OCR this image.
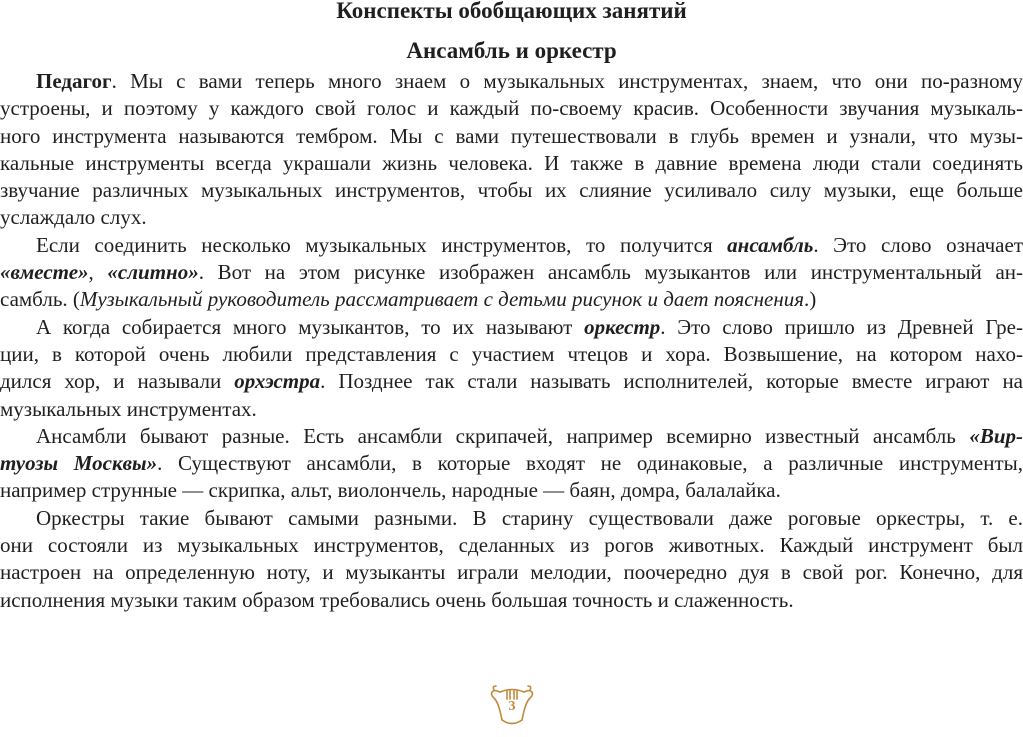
Конспекты обобщающих занятий
Ансамбль и оркестр
Педагог. Мы с вами теперь много знаем о музыкальных инструментах, знаем, что они по-разному
устроены, и поэтому у каждого свой голос и каждый по-своему красив. Особенности звучания музыкаль-
ного инструмента называются тембром. Мы с вами путешествовали в глубь времен и узнали, что музы-
кальные инструменты всегда украшали жизнь человека. И также в давние времена люди стали соединять
звучание различных музыкальных инструментов, чтобы их слияние усиливало силу музыки, еще больше
услаждало слух.
Если соединить несколько музыкальных инструментов, то получится ансамбль. Это слово означает
«вместе», «слитно». Вот на этом рисунке изображен ансамбль музыкантов или инструментальный ан-
самбль. (Музыкальный руководитель рассматривает с детьми рисунок и дает пояснения.)
А когда собирается много музыкантов, то их называют оркестр. Это слово пришло из Древней Гре-
ции, в которой очень любили представления с участием чтецов и хора. Возвышение, на котором нахо-
дился хор, и называли орхэстра. Позднее так стали называть исполнителей, которые вместе играют на
музыкальных инструментах.
Ансамбли бывают разные. Есть ансамбли скрипачей, например всемирно известный ансамбль «Вир-
туозы Москвы». Существуют ансамбли, в которые входят не одинаковые, а различные инструменты,
например струнные — скрипка, альт, виолончель, народные — баян, домра, балалайка.
Оркестры такие бывают самыми разными. В старину существовали даже роговые оркестры, т. е.
они состояли из музыкальных инструментов, сделанных из рогов животных. Каждый инструмент был
настроен на определенную ноту, и музыканты играли мелодии, поочередно дуя в свой рог. Конечно, для
исполнения музыки таким образом требовались очень большая точность и слаженность.
3
